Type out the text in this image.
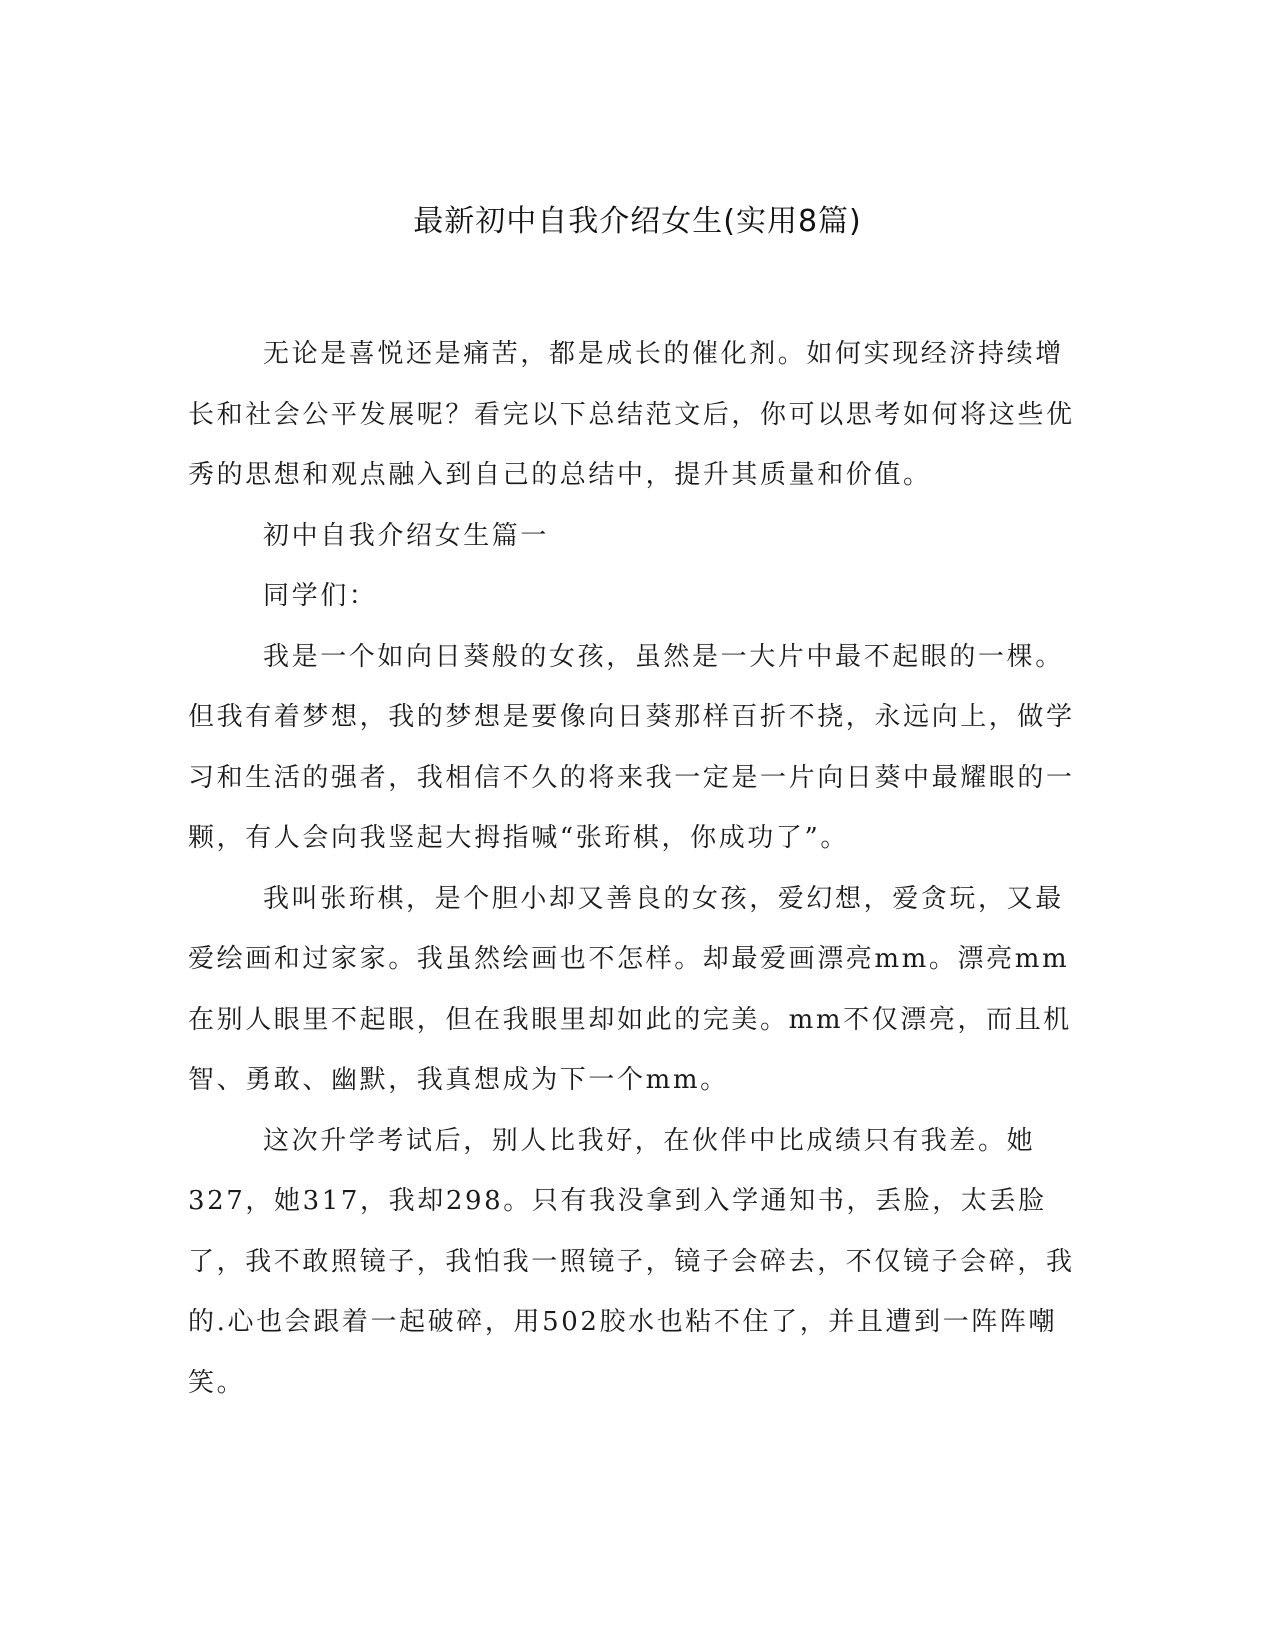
最新初中自我介绍女生(实用8篇)

无论是喜悦还是痛苦，都是成长的催化剂。如何实现经济持续增长和社会公平发展呢？看完以下总结范文后，你可以思考如何将这些优秀的思想和观点融入到自己的总结中，提升其质量和价值。

初中自我介绍女生篇一

同学们：

我是一个如向日葵般的女孩，虽然是一大片中最不起眼的一棵。但我有着梦想，我的梦想是要像向日葵那样百折不挠，永远向上，做学习和生活的强者，我相信不久的将来我一定是一片向日葵中最耀眼的一颗，有人会向我竖起大拇指喊“张珩棋，你成功了”。

我叫张珩棋，是个胆小却又善良的女孩，爱幻想，爱贪玩，又最爱绘画和过家家。我虽然绘画也不怎样。却最爱画漂亮mm。漂亮mm在别人眼里不起眼，但在我眼里却如此的完美。mm不仅漂亮，而且机智、勇敢、幽默，我真想成为下一个mm。

这次升学考试后，别人比我好，在伙伴中比成绩只有我差。她327，她317，我却298。只有我没拿到入学通知书，丢脸，太丢脸了，我不敢照镜子，我怕我一照镜子，镜子会碎去，不仅镜子会碎，我的.心也会跟着一起破碎，用502胶水也粘不住了，并且遭到一阵阵嘲笑。
